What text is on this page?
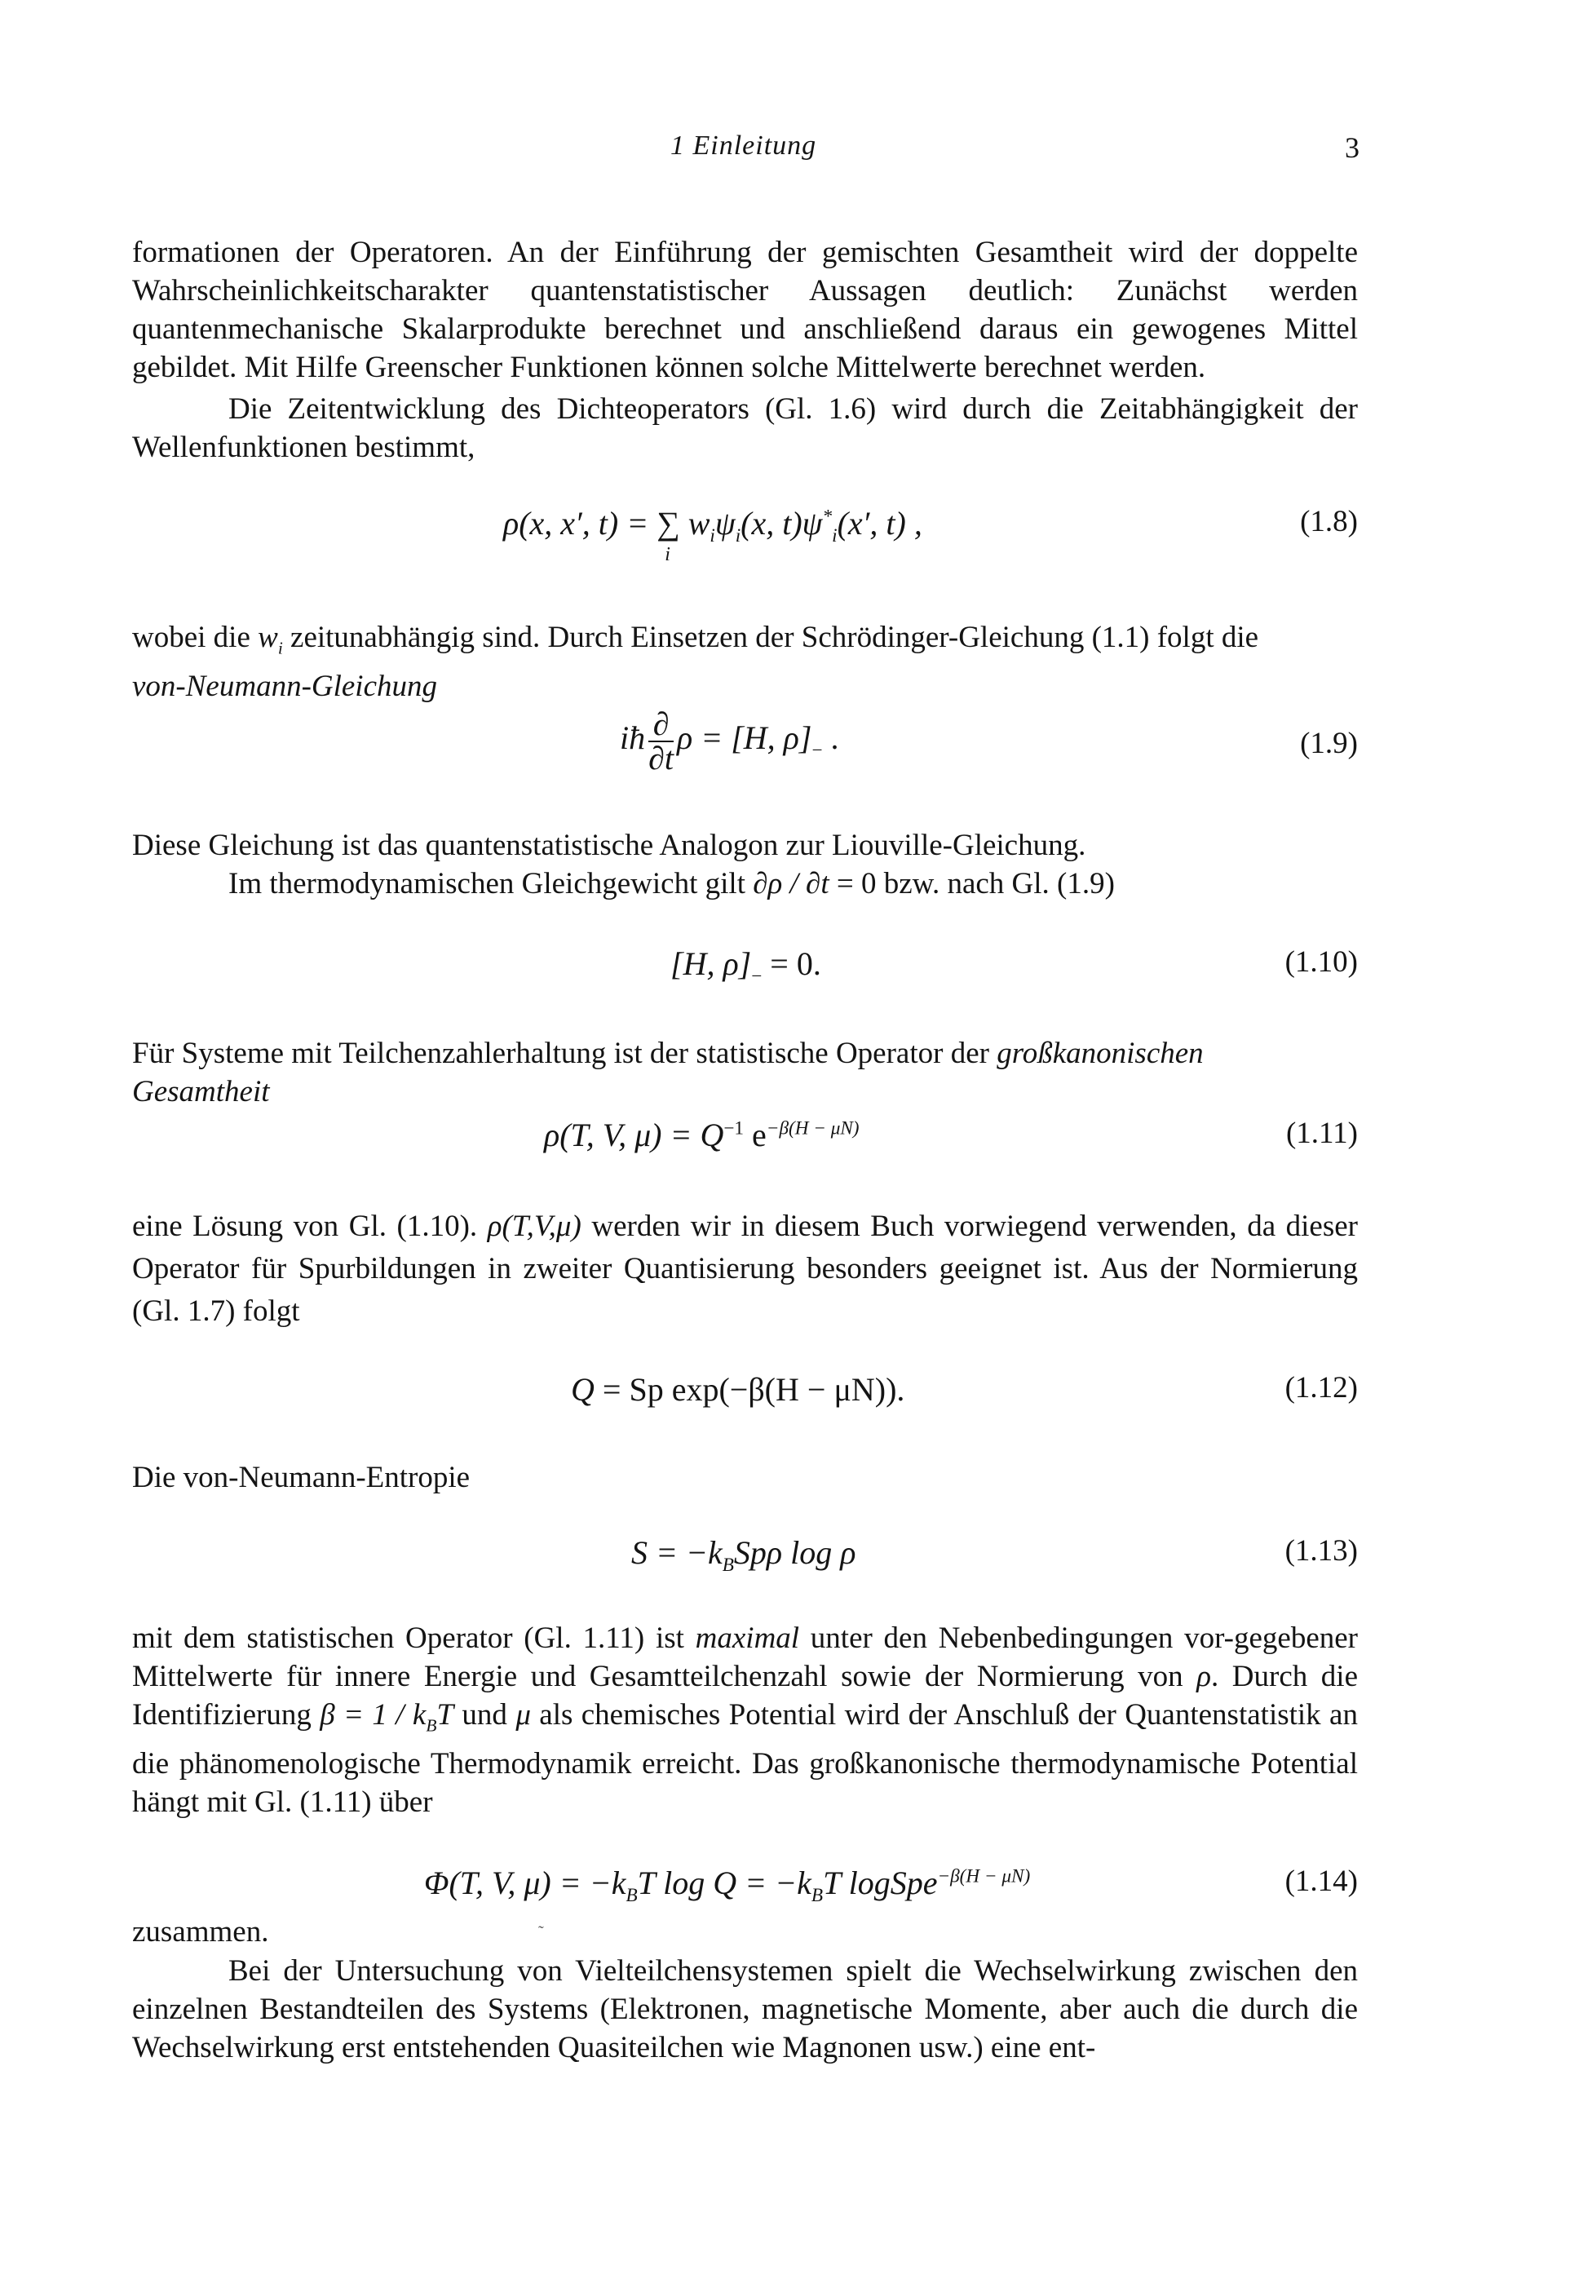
1 Einleitung	3

formationen der Operatoren. An der Einführung der gemischten Gesamtheit wird der doppelte Wahrscheinlichkeitscharakter quantenstatistischer Aussagen deutlich: Zunächst werden quantenmechanische Skalarprodukte berechnet und anschließend daraus ein gewogenes Mittel gebildet. Mit Hilfe Greenscher Funktionen können solche Mittelwerte berechnet werden.

Die Zeitentwicklung des Dichteoperators (Gl. 1.6) wird durch die Zeitabhängigkeit der Wellenfunktionen bestimmt,

ρ(x, x′, t) = ∑
i
$w_i\psi_i(x$, $t)\psi^*_i(x'$, t) ,	(1.8)

wobei die $w_i$ zeitunabhängig sind. Durch Einsetzen der Schrödinger-Gleichung (1.1) folgt die
von-Neumann-Gleichung

iħ $\frac{\partial}{\partial t}$ ρ = [H, $\rho]_-$ .	(1.9)

Diese Gleichung ist das quantenstatistische Analogon zur Liouville-Gleichung.

Im thermodynamischen Gleichgewicht gilt ∂ρ / ∂t = 0 bzw. nach Gl. (1.9)

[H, $\rho]_- = 0$.	(1.10)

Für Systeme mit Teilchenzahlerhaltung ist der statistische Operator der großkanonischen
Gesamtheit

ρ(T, V, $\mu) = Q^{-1}$ $e^{-\beta(H - \mu N)}$	(1.11)

eine Lösung von Gl. (1.10). ρ(T,V,μ) werden wir in diesem Buch vorwiegend verwenden, da dieser Operator für Spurbildungen in zweiter Quantisierung besonders geeignet ist. Aus der Normierung (Gl. 1.7) folgt

Q = Sp exp(−β(H − μN)).	(1.12)

Die von-Neumann-Entropie

$S = -k_BSp\rho$ log ρ	(1.13)

mit dem statistischen Operator (Gl. 1.11) ist maximal unter den Nebenbedingungen vor-gegebener Mittelwerte für innere Energie und Gesamtteilchenzahl sowie der Normierung von ρ. Durch die Identifizierung $\beta = 1 / k_BT$ und μ als chemisches Potential wird der Anschluß der Quantenstatistik an die phänomenologische Thermodynamik erreicht. Das großkanonische thermodynamische Potential hängt mit Gl. (1.11) über

Φ(T, V, $\mu) = -k_BT$ $\log Q = -k_BT$ logSpe$^{-\beta(H - \mu N)}$	(1.14)

zusammen.	˜

Bei der Untersuchung von Vielteilchensystemen spielt die Wechselwirkung zwischen den einzelnen Bestandteilen des Systems (Elektronen, magnetische Momente, aber auch die durch die Wechselwirkung erst entstehenden Quasiteilchen wie Magnonen usw.) eine ent-
